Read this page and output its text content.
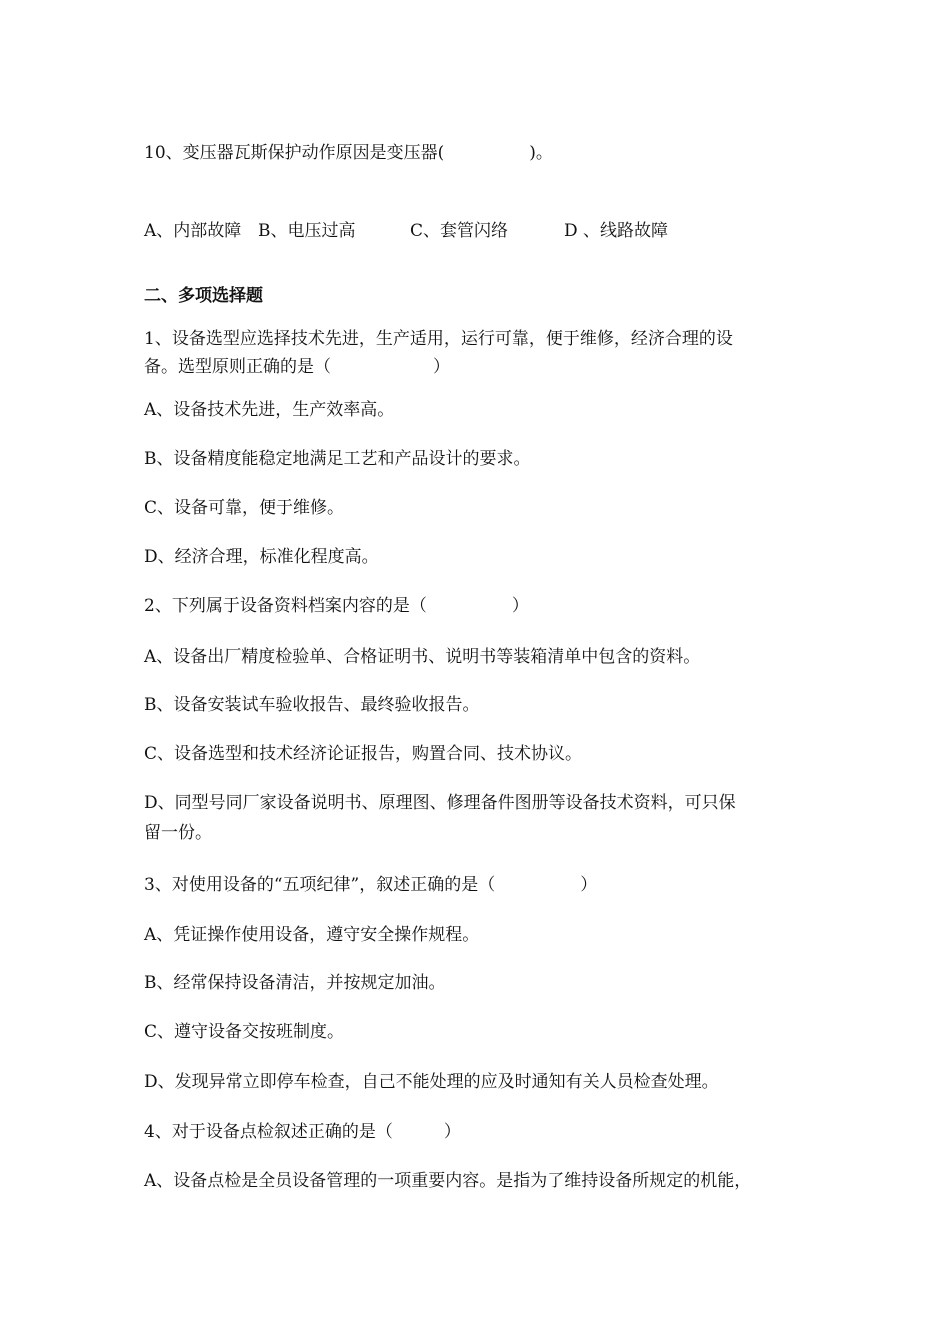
10、变压器瓦斯保护动作原因是变压器(　　　　　)。
A、内部故障 B、电压过高	C、套管闪络	D 、线路故障
二、多项选择题
1、设备选型应选择技术先进，生产适用，运行可靠，便于维修，经济合理的设
备。选型原则正确的是（　　　　　　）
A、设备技术先进，生产效率高。
B、设备精度能稳定地满足工艺和产品设计的要求。
C、设备可靠，便于维修。
D、经济合理，标准化程度高。
2、下列属于设备资料档案内容的是（　　　　　）
A、设备出厂精度检验单、合格证明书、说明书等装箱清单中包含的资料。
B、设备安装试车验收报告、最终验收报告。
C、设备选型和技术经济论证报告，购置合同、技术协议。
D、同型号同厂家设备说明书、原理图、修理备件图册等设备技术资料，可只保
留一份。
3、对使用设备的“五项纪律”，叙述正确的是（　　　　　）
A、凭证操作使用设备，遵守安全操作规程。
B、经常保持设备清洁，并按规定加油。
C、遵守设备交按班制度。
D、发现异常立即停车检查，自己不能处理的应及时通知有关人员检查处理。
4、对于设备点检叙述正确的是（　　　）
A、设备点检是全员设备管理的一项重要内容。是指为了维持设备所规定的机能，
